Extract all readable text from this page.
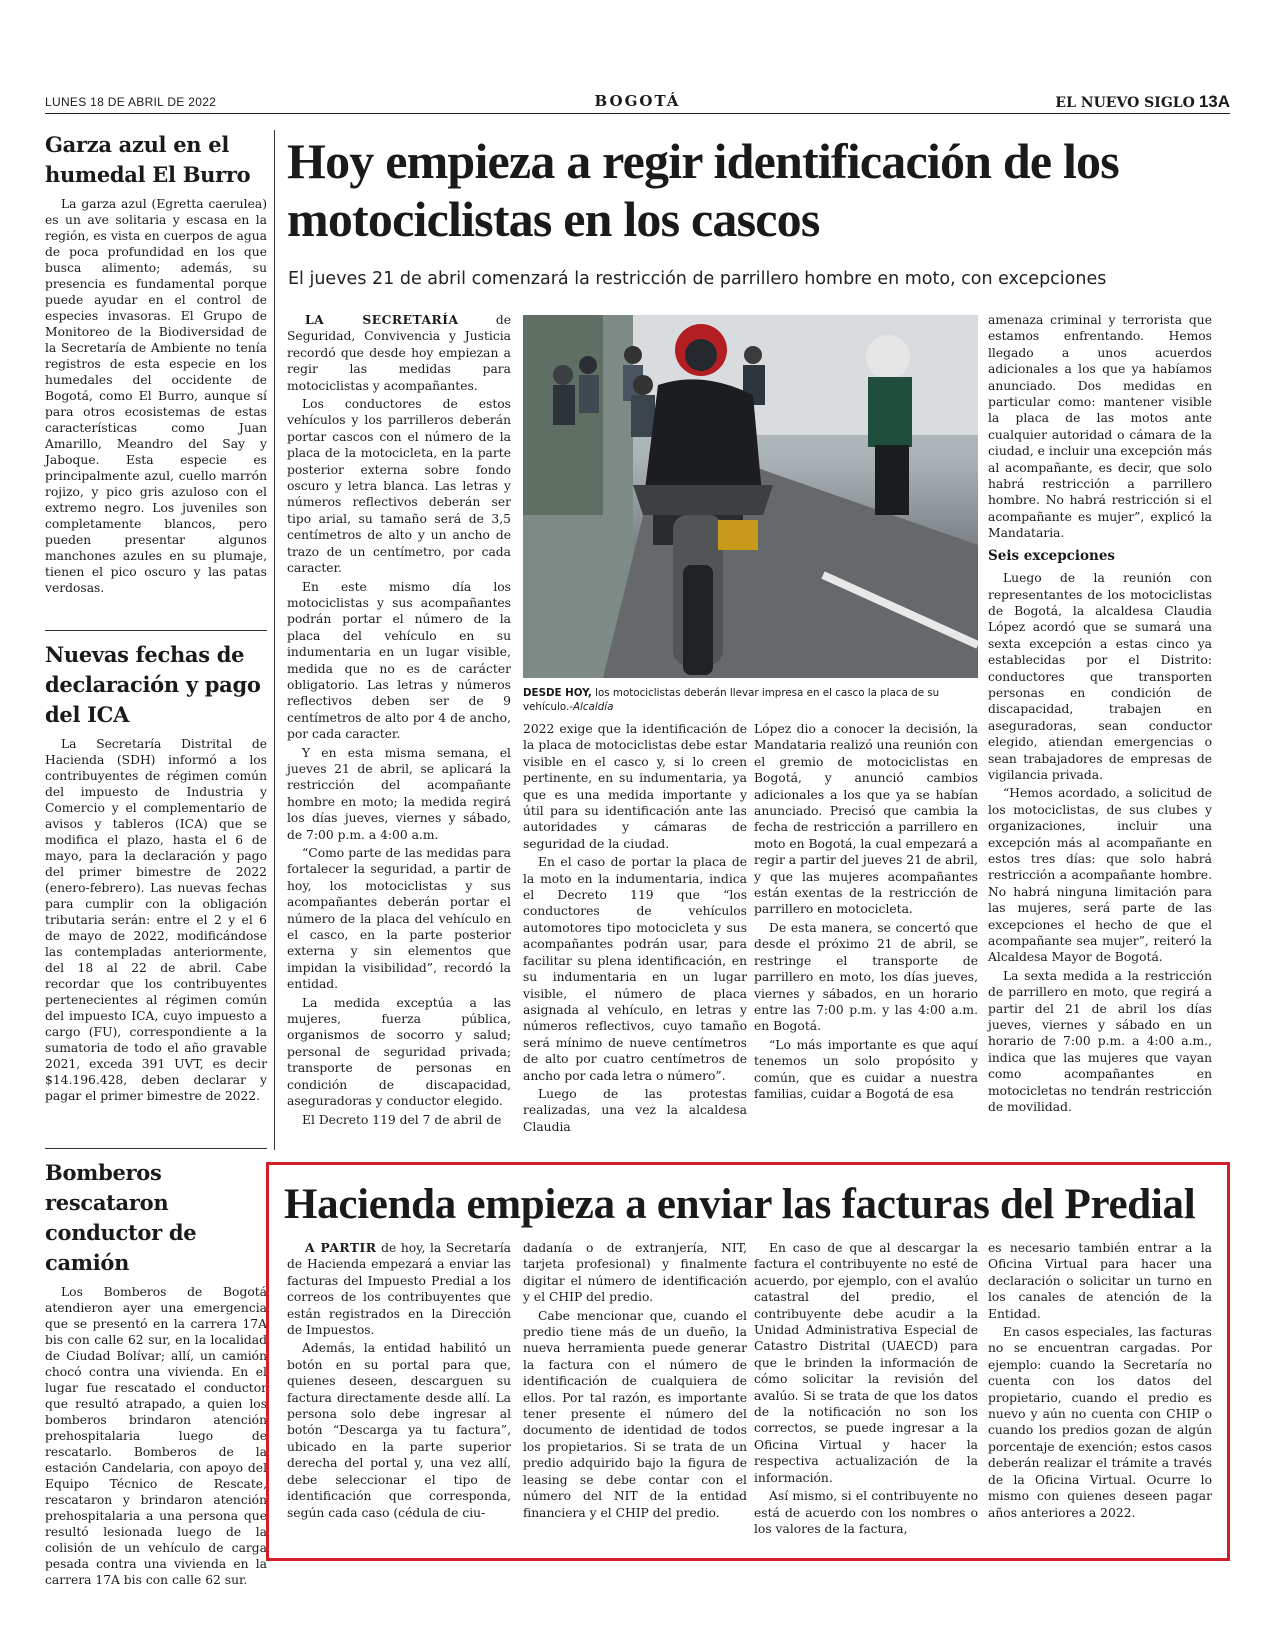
LUNES 18 DE ABRIL DE 2022	BOGOTÁ	EL NUEVO SIGLO 13A
Garza azul en el humedal El Burro

La garza azul (Egretta caerulea) es un ave solitaria y escasa en la región, es vista en cuerpos de agua de poca profundidad en los que busca alimento; además, su presencia es fundamental porque puede ayudar en el control de especies invasoras. El Grupo de Monitoreo de la Biodiversidad de la Secretaría de Ambiente no tenía registros de esta especie en los humedales del occidente de Bogotá, como El Burro, aunque sí para otros ecosistemas de estas características como Juan Amarillo, Meandro del Say y Jaboque. Esta especie es principalmente azul, cuello marrón rojizo, y pico gris azuloso con el extremo negro. Los juveniles son completamente blancos, pero pueden presentar algunos manchones azules en su plumaje, tienen el pico oscuro y las patas verdosas.

Nuevas fechas de declaración y pago del ICA

La Secretaría Distrital de Hacienda (SDH) informó a los contribuyentes de régimen común del impuesto de Industria y Comercio y el complementario de avisos y tableros (ICA) que se modifica el plazo, hasta el 6 de mayo, para la declaración y pago del primer bimestre de 2022 (enero-febrero). Las nuevas fechas para cumplir con la obligación tributaria serán: entre el 2 y el 6 de mayo de 2022, modificándose las contempladas anteriormente, del 18 al 22 de abril. Cabe recordar que los contribuyentes pertenecientes al régimen común del impuesto ICA, cuyo impuesto a cargo (FU), correspondiente a la sumatoria de todo el año gravable 2021, exceda 391 UVT, es decir $14.196.428, deben declarar y pagar el primer bimestre de 2022.

Bomberos rescataron conductor de camión

Los Bomberos de Bogotá atendieron ayer una emergencia que se presentó en la carrera 17A bis con calle 62 sur, en la localidad de Ciudad Bolívar; allí, un camión chocó contra una vivienda. En el lugar fue rescatado el conductor que resultó atrapado, a quien los bomberos brindaron atención prehospitalaria luego de rescatarlo. Bomberos de la estación Candelaria, con apoyo del Equipo Técnico de Rescate, rescataron y brindaron atención prehospitalaria a una persona que resultó lesionada luego de la colisión de un vehículo de carga pesada contra una vivienda en la carrera 17A bis con calle 62 sur.

Hoy empieza a regir identificación de los motociclistas en los cascos
El jueves 21 de abril comenzará la restricción de parrillero hombre en moto, con excepciones

LA SECRETARÍA de Seguridad, Convivencia y Justicia recordó que desde hoy empiezan a regir las medidas para motociclistas y acompañantes.

Los conductores de estos vehículos y los parrilleros deberán portar cascos con el número de la placa de la motocicleta, en la parte posterior externa sobre fondo oscuro y letra blanca. Las letras y números reflectivos deberán ser tipo arial, su tamaño será de 3,5 centímetros de alto y un ancho de trazo de un centímetro, por cada caracter.

En este mismo día los motociclistas y sus acompañantes podrán portar el número de la placa del vehículo en su indumentaria en un lugar visible, medida que no es de carácter obligatorio. Las letras y números reflectivos deben ser de 9 centímetros de alto por 4 de ancho, por cada caracter.

Y en esta misma semana, el jueves 21 de abril, se aplicará la restricción del acompañante hombre en moto; la medida regirá los días jueves, viernes y sábado, de 7:00 p.m. a 4:00 a.m.

“Como parte de las medidas para fortalecer la seguridad, a partir de hoy, los motociclistas y sus acompañantes deberán portar el número de la placa del vehículo en el casco, en la parte posterior externa y sin elementos que impidan la visibilidad”, recordó la entidad.

La medida exceptúa a las mujeres, fuerza pública, organismos de socorro y salud; personal de seguridad privada; transporte de personas en condición de discapacidad, aseguradoras y conductor elegido.

El Decreto 119 del 7 de abril de

DESDE HOY, los motociclistas deberán llevar impresa en el casco la placa de su vehículo.-Alcaldía

2022 exige que la identificación de la placa de motociclistas debe estar visible en el casco y, si lo creen pertinente, en su indumentaria, ya que es una medida importante y útil para su identificación ante las autoridades y cámaras de seguridad de la ciudad.

En el caso de portar la placa de la moto en la indumentaria, indica el Decreto 119 que “los conductores de vehículos automotores tipo motocicleta y sus acompañantes podrán usar, para facilitar su plena identificación, en su indumentaria en un lugar visible, el número de placa asignada al vehículo, en letras y números reflectivos, cuyo tamaño será mínimo de nueve centímetros de alto por cuatro centímetros de ancho por cada letra o número”.

Luego de las protestas realizadas, una vez la alcaldesa Claudia

López dio a conocer la decisión, la Mandataria realizó una reunión con el gremio de motociclistas en Bogotá, y anunció cambios adicionales a los que ya se habían anunciado. Precisó que cambia la fecha de restricción a parrillero en moto en Bogotá, la cual empezará a regir a partir del jueves 21 de abril, y que las mujeres acompañantes están exentas de la restricción de parrillero en motocicleta.

De esta manera, se concertó que desde el próximo 21 de abril, se restringe el transporte de parrillero en moto, los días jueves, viernes y sábados, en un horario entre las 7:00 p.m. y las 4:00 a.m. en Bogotá.

“Lo más importante es que aquí tenemos un solo propósito y común, que es cuidar a nuestra familias, cuidar a Bogotá de esa

amenaza criminal y terrorista que estamos enfrentando. Hemos llegado a unos acuerdos adicionales a los que ya habíamos anunciado. Dos medidas en particular como: mantener visible la placa de las motos ante cualquier autoridad o cámara de la ciudad, e incluir una excepción más al acompañante, es decir, que solo habrá restricción a parrillero hombre. No habrá restricción si el acompañante es mujer”, explicó la Mandataria.

Seis excepciones

Luego de la reunión con representantes de los motociclistas de Bogotá, la alcaldesa Claudia López acordó que se sumará una sexta excepción a estas cinco ya establecidas por el Distrito: conductores que transporten personas en condición de discapacidad, trabajen en aseguradoras, sean conductor elegido, atiendan emergencias o sean trabajadores de empresas de vigilancia privada.

“Hemos acordado, a solicitud de los motociclistas, de sus clubes y organizaciones, incluir una excepción más al acompañante en estos tres días: que solo habrá restricción a acompañante hombre. No habrá ninguna limitación para las mujeres, será parte de las excepciones el hecho de que el acompañante sea mujer”, reiteró la Alcaldesa Mayor de Bogotá.

La sexta medida a la restricción de parrillero en moto, que regirá a partir del 21 de abril los días jueves, viernes y sábado en un horario de 7:00 p.m. a 4:00 a.m., indica que las mujeres que vayan como acompañantes en motocicletas no tendrán restricción de movilidad.

Hacienda empieza a enviar las facturas del Predial

A PARTIR de hoy, la Secretaría de Hacienda empezará a enviar las facturas del Impuesto Predial a los correos de los contribuyentes que están registrados en la Dirección de Impuestos.

Además, la entidad habilitó un botón en su portal para que, quienes deseen, descarguen su factura directamente desde allí. La persona solo debe ingresar al botón “Descarga ya tu factura”, ubicado en la parte superior derecha del portal y, una vez allí, debe seleccionar el tipo de identificación que corresponda, según cada caso (cédula de ciu-

dadanía o de extranjería, NIT, tarjeta profesional) y finalmente digitar el número de identificación y el CHIP del predio.

Cabe mencionar que, cuando el predio tiene más de un dueño, la nueva herramienta puede generar la factura con el número de identificación de cualquiera de ellos. Por tal razón, es importante tener presente el número del documento de identidad de todos los propietarios. Si se trata de un predio adquirido bajo la figura de leasing se debe contar con el número del NIT de la entidad financiera y el CHIP del predio.

En caso de que al descargar la factura el contribuyente no esté de acuerdo, por ejemplo, con el avalúo catastral del predio, el contribuyente debe acudir a la Unidad Administrativa Especial de Catastro Distrital (UAECD) para que le brinden la información de cómo solicitar la revisión del avalúo. Si se trata de que los datos de la notificación no son los correctos, se puede ingresar a la Oficina Virtual y hacer la respectiva actualización de la información.

Así mismo, si el contribuyente no está de acuerdo con los nombres o los valores de la factura,

es necesario también entrar a la Oficina Virtual para hacer una declaración o solicitar un turno en los canales de atención de la Entidad.

En casos especiales, las facturas no se encuentran cargadas. Por ejemplo: cuando la Secretaría no cuenta con los datos del propietario, cuando el predio es nuevo y aún no cuenta con CHIP o cuando los predios gozan de algún porcentaje de exención; estos casos deberán realizar el trámite a través de la Oficina Virtual. Ocurre lo mismo con quienes deseen pagar años anteriores a 2022.
